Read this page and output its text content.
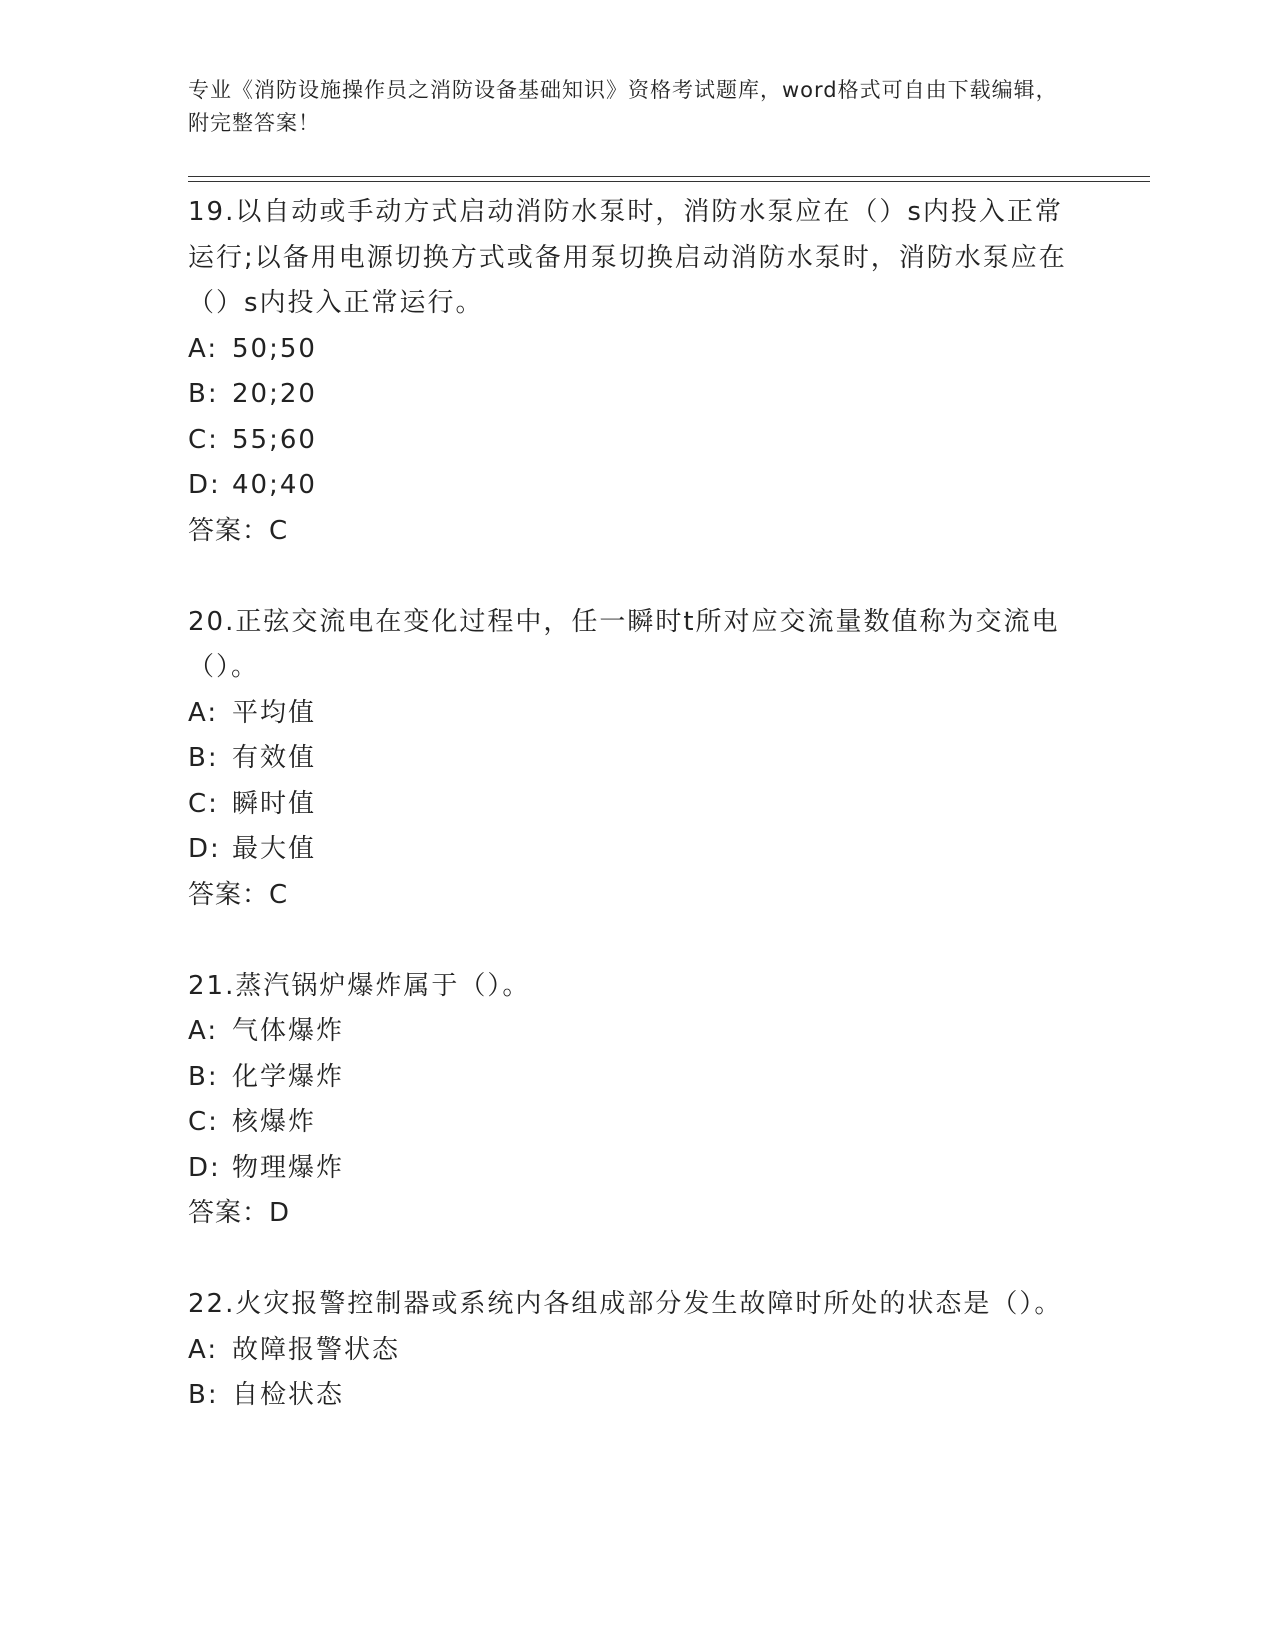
专业《消防设施操作员之消防设备基础知识》资格考试题库，word格式可自由下载编辑，附完整答案！
19.以自动或手动方式启动消防水泵时，消防水泵应在（）s内投入正常运行;以备用电源切换方式或备用泵切换启动消防水泵时，消防水泵应在（）s内投入正常运行。
A: 50;50
B: 20;20
C: 55;60
D: 40;40
答案：C
20.正弦交流电在变化过程中，任一瞬时t所对应交流量数值称为交流电（）。
A: 平均值
B: 有效值
C: 瞬时值
D: 最大值
答案：C
21.蒸汽锅炉爆炸属于（）。
A: 气体爆炸
B: 化学爆炸
C: 核爆炸
D: 物理爆炸
答案：D
22.火灾报警控制器或系统内各组成部分发生故障时所处的状态是（）。
A: 故障报警状态
B: 自检状态
